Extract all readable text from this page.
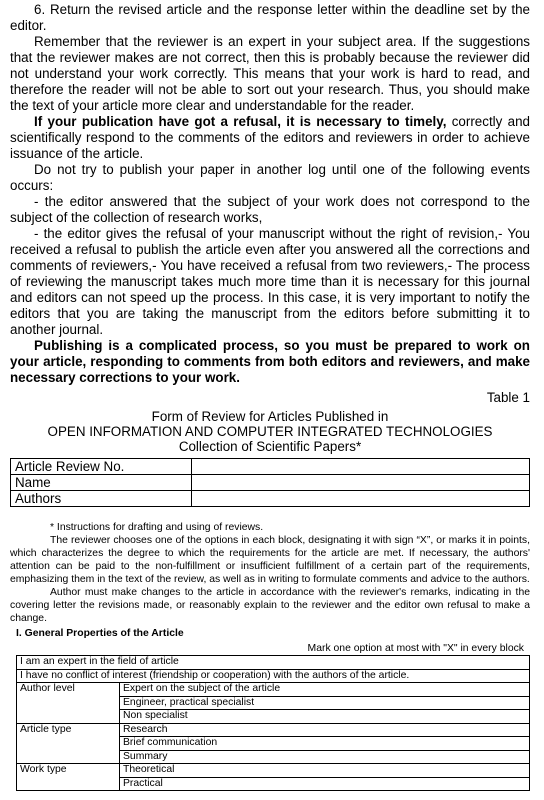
6. Return the revised article and the response letter within the deadline set by the editor.

Remember that the reviewer is an expert in your subject area. If the suggestions that the reviewer makes are not correct, then this is probably because the reviewer did not understand your work correctly. This means that your work is hard to read, and therefore the reader will not be able to sort out your research. Thus, you should make the text of your article more clear and understandable for the reader.

If your publication have got a refusal, it is necessary to timely, correctly and scientifically respond to the comments of the editors and reviewers in order to achieve issuance of the article.

Do not try to publish your paper in another log until one of the following events occurs:

- the editor answered that the subject of your work does not correspond to the subject of the collection of research works,

- the editor gives the refusal of your manuscript without the right of revision,- You received a refusal to publish the article even after you answered all the corrections and comments of reviewers,- You have received a refusal from two reviewers,- The process of reviewing the manuscript takes much more time than it is necessary for this journal and editors can not speed up the process. In this case, it is very important to notify the editors that you are taking the manuscript from the editors before submitting it to another journal.

Publishing is a complicated process, so you must be prepared to work on your article, responding to comments from both editors and reviewers, and make necessary corrections to your work.

Table 1

Form of Review for Articles Published in

OPEN INFORMATION AND COMPUTER INTEGRATED TECHNOLOGIES

Collection of Scientific Papers*

Article Review No.	
Name	
Authors	

* Instructions for drafting and using of reviews.

The reviewer chooses one of the options in each block, designating it with sign “X”, or marks it in points, which characterizes the degree to which the requirements for the article are met. If necessary, the authors' attention can be paid to the non-fulfillment or insufficient fulfillment of a certain part of the requirements, emphasizing them in the text of the review, as well as in writing to formulate comments and advice to the authors.

Author must make changes to the article in accordance with the reviewer's remarks, indicating in the covering letter the revisions made, or reasonably explain to the reviewer and the editor own refusal to make a change.

I. General Properties of the Article

Mark one option at most with "X" in every block

I am an expert in the field of article	
I have no conflict of interest (friendship or cooperation) with the authors of the article.	
Author level	Expert on the subject of the article
	Engineer, practical specialist
	Non specialist
Article type	Research
	Brief communication
	Summary
Work type	Theoretical
	Practical
